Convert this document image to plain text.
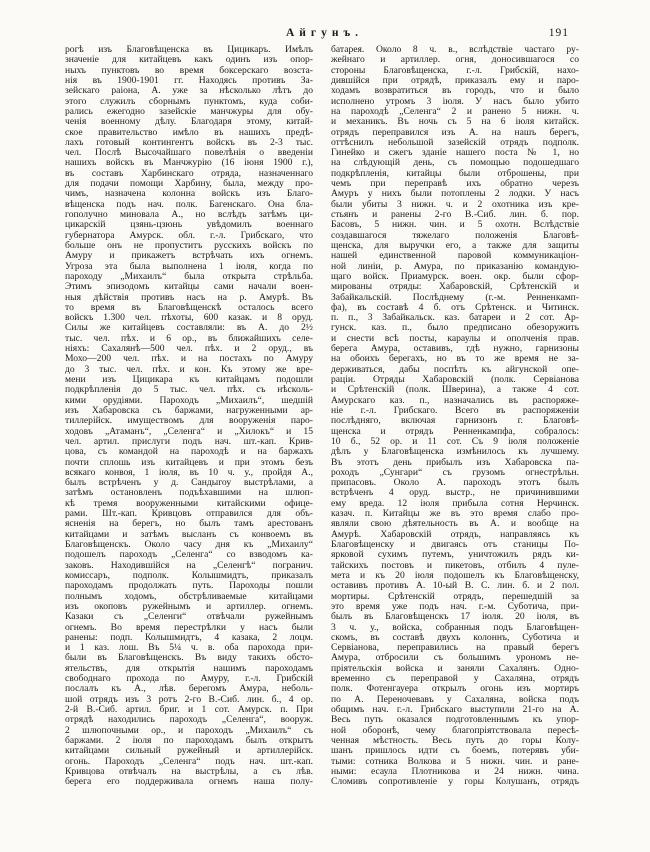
Айгунъ.	191
рогѣ изъ Благовѣщенска въ Цицикаръ. Имѣлъ
значеніе для китайцевъ какъ одинъ изъ опор-
ныхъ пунктовъ во время боксерскаго возста-
нія въ 1900-1901 гг. Находясь противъ За-
зейскаго раіона, А. уже за нѣсколько лѣтъ до
этого служилъ сборнымъ пунктомъ, куда соби-
рались ежегодно зазейскіе манчжуры для обу-
ченія военному дѣлу. Благодаря этому, китай-
ское правительство имѣло въ нашихъ предѣ-
лахъ готовый контингентъ войскъ въ 2-3 тыс.
чел. Послѣ Высочайшаго повелѣнія о введеніи
нашихъ войскъ въ Манчжурію (16 іюня 1900 г.),
въ составъ Харбинскаго отряда, назначеннаго
для подачи помощи Харбину, была, между про-
чимъ, назначена колонна войскъ изъ Благо-
вѣщенска подъ нач. полк. Багенскаго. Она бла-
гополучно миновала А., но вслѣдъ затѣмъ ци-
цикарскій цзянь-цзюнь увѣдомилъ военнаго
губернатора Амурск. обл. г.-л. Грибскаго, что
больше онъ не пропуститъ русскихъ войскъ по
Амуру и прикажетъ встрѣчать ихъ огнемъ.
Угроза эта была выполнена 1 іюля, когда по
пароходу „Михаилъ“ была открыта стрѣльба.
Этимъ эпизодомъ китайцы сами начали воен-
ныя дѣйствія противъ насъ на р. Амурѣ. Въ
то время въ Благовѣщенскѣ осталось всего
войскъ 1.300 чел. пѣхоты, 600 казак. и 8 оруд.
Силы же китайцевъ составляли: въ А. до 2½
тыс. чел. пѣх. и 6 ор., въ ближайшихъ селе-
ніяхъ: Сахалянѣ—500 чел. пѣх. и 2 оруд., въ
Мохо—200 чел. пѣх. и на постахъ по Амуру
до 3 тыс. чел. пѣх. и кон. Къ этому же вре-
мени изъ Цицикара къ китайцамъ подошли
подкрѣпленія до 5 тыс. чел. пѣх. съ нѣсколь-
кими орудіями. Пароходъ „Михаилъ“, шедшій
изъ Хабаровска съ баржами, нагруженными ар-
тиллерійск. имуществомъ для вооруженія паро-
ходовъ „Атаманъ“, „Селенга“ и „Хилокъ“ и 15
чел. артил. прислуги подъ нач. шт.-кап. Крив-
цова, съ командой на пароходѣ и на баржахъ
почти сплошь изъ китайцевъ и при этомъ безъ
всякаго конвоя, 1 іюля, въ 10 ч. у., пройдя А.,
былъ встрѣченъ у д. Сандыгоу выстрѣлами, а
затѣмъ остановленъ подъѣхавшими на шлюп-
кѣ тремя вооруженными китайскими офице-
рами. Шт.-кап. Кривцовъ отправился для объ-
ясненія на берегъ, но былъ тамъ арестованъ
китайцами и затѣмъ высланъ съ конвоемъ въ
Благовѣщенскъ. Около часу дня къ „Михаилу“
подошелъ пароходъ „Селенга“ со взводомъ ка-
заковъ. Находившійся на „Селенгѣ“ погранич.
комиссаръ, подполк. Колышмидтъ, приказалъ
пароходамъ продолжать путь. Пароходы пошли
полнымъ ходомъ, обстрѣливаемые китайцами
изъ окоповъ ружейнымъ и артиллер. огнемъ.
Казаки съ „Селенги“ отвѣчали ружейнымъ
огнемъ. Во время перестрѣлки у насъ были
ранены: подп. Колышмидтъ, 4 казака, 2 лоцм.
и 1 каз. лош. Въ 5¼ ч. в. оба парохода при-
были въ Благовѣщенскъ. Въ виду такихъ обсто-
ятельствъ, для открытія нашимъ пароходамъ
свободнаго прохода по Амуру, г.-л. Грибскій
послалъ къ А., лѣв. берегомъ Амура, неболь-
шой отрядъ изъ 3 ротъ 2-го В.-Сиб. лин. б., 4 ор.
2-й В.-Сиб. артил. бриг. и 1 сот. Амурск. п. При
отрядѣ находились пароходъ „Селенга“, вооруж.
2 шлюпочными ор., и пароходъ „Михаилъ“ съ
баржами. 2 іюля по пароходамъ былъ открытъ
китайцами сильный ружейный и артиллерійск.
огонь. Пароходъ „Селенга“ подъ нач. шт.-кап.
Кривцова отвѣчалъ на выстрѣлы, а съ лѣв.
берега его поддерживала огнемъ наша полу-
батарея. Около 8 ч. в., вслѣдствіе частаго ру-
жейнаго и артиллер. огня, доносившагося со
стороны Благовѣщенска, г.-л. Грибскій, нахо-
дившійся при отрядѣ, приказалъ ему и паро-
ходамъ возвратиться въ городъ, что и было
исполнено утромъ 3 іюля. У насъ было убито
на пароходѣ „Селенга“ 2 и ранено 5 нижн. ч.
и механикъ. Въ ночь съ 5 на 6 іюля китайск.
отрядъ переправился изъ А. на нашъ берегъ,
оттѣснилъ небольшой зазейскій отрядъ подполк.
Гинейко и сжегъ зданіе нашего поста № 1, но
на слѣдующій день, съ помощью подошедшаго
подкрѣпленія, китайцы были отброшены, при
чемъ при переправѣ ихъ обратно черезъ
Амуръ у нихъ были потоплены 2 лодки. У насъ
были убиты 3 нижн. ч. и 2 охотника изъ кре-
стьянъ и ранены 2-го В.-Сиб. лин. б. пор.
Басовъ, 5 нижн. чин. и 5 охотн. Вслѣдствіе
создавшагося тяжелаго положенія Благовѣ-
щенска, для выручки его, а также для защиты
нашей единственной паровой коммуникаціон-
ной линіи, р. Амура, по приказанію командую-
щаго войск. Приамурск. воен. окр. были сфор-
мированы отряды: Хабаровскій, Срѣтенскій и
Забайкальскій. Послѣднему (г.-м. Ренненкамп-
фа), въ составѣ 4 б. отъ Срѣтенск. и Читинск.
п. п., 3 Забайкальск. каз. батареи и 2 сот. Ар-
гунск. каз. п., было предписано обезоружить
и снести всѣ посты, караулы и ополченія прав.
берега Амура, оставивъ, гдѣ нужно, гарнизоны
на обоихъ берегахъ, но въ то же время не за-
держиваться, дабы поспѣть къ айгунской опе-
раціи. Отряды Хабаровскій (полк. Сервіанова
и Срѣтенскій (полк. Шверина), а также 4 сот.
Амурскаго каз. п., назначались въ распоряже-
ніе г.-л. Грибскаго. Всего въ распоряженіи
послѣдняго, включая гарнизонъ г. Благовѣ-
щенска и отрядъ Ренненкампфа, собралось:
10 б., 52 ор. и 11 сот. Съ 9 іюля положеніе
дѣлъ у Благовѣщенска измѣнилось къ лучшему.
Въ этотъ день прибылъ изъ Хабаровска па-
роходъ „Сунгари“ съ грузомъ огнестрѣльн.
припасовъ. Около А. пароходъ этотъ былъ
встрѣченъ 4 оруд. выстр., не причинившими
ему вреда. 12 іюля прибыла сотня Нерчинск.
казач. п. Китайцы же въ это время слабо про-
являли свою дѣятельность въ А. и вообще на
Амурѣ. Хабаровскій отрядъ, направляясь къ
Благовѣщенску и двигаясь отъ станицы По-
ярковой сухимъ путемъ, уничтожилъ рядъ ки-
тайскихъ постовъ и пикетовъ, отбилъ 4 пуле-
мета и къ 20 іюля подошелъ къ Благовѣщенску,
оставивъ противъ А. 10-ый В. С. лин. б. и 2 пол.
мортиры. Срѣтенскій отрядъ, перешедшій за
это время уже подъ нач. г.-м. Суботича, при-
былъ въ Благовѣщенскъ 17 іюля. 20 іюля, въ
3 ч. у., войска, собранныя подъ Благовѣщен-
скомъ, въ составѣ двухъ колоннъ, Суботича и
Сервіанова, переправились на правый берегъ
Амура, отбросили съ большимъ урономъ не-
пріятельскія войска и заняли Сахалянъ. Одно-
временно съ переправой у Сахаляна, отрядъ
полк. Фотенгауера открылъ огонь изъ мортиръ
по А. Переночевавъ у Сахаляна, войска подъ
общимъ нач. г.-л. Грибскаго выступили 21-го на А.
Весь путь оказался подготовленнымъ къ упор-
ной оборонѣ, чему благопріятствовала пересѣ-
ченная мѣстность. Весь путь до горы Колу-
шанъ пришлось идти съ боемъ, потерявъ уби-
тыми: сотника Волкова и 5 нижн. чин. и ране-
ными: есаула Плотникова и 24 нижн. чина.
Сломивъ сопротивленіе у горы Колушанъ, отрядъ
